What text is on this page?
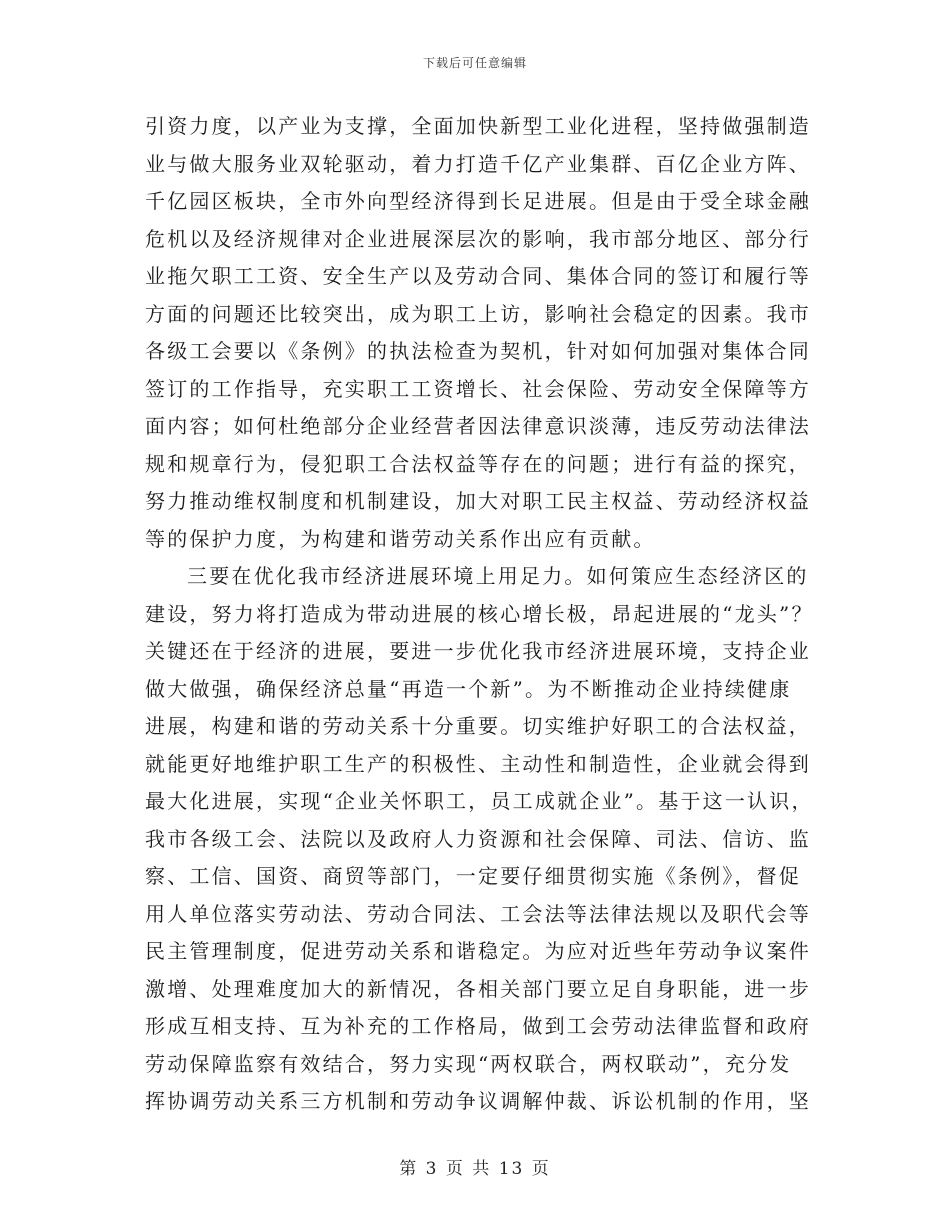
下载后可任意编辑
引资力度，以产业为支撑，全面加快新型工业化进程，坚持做强制造
业与做大服务业双轮驱动，着力打造千亿产业集群、百亿企业方阵、
千亿园区板块，全市外向型经济得到长足进展。但是由于受全球金融
危机以及经济规律对企业进展深层次的影响，我市部分地区、部分行
业拖欠职工工资、安全生产以及劳动合同、集体合同的签订和履行等
方面的问题还比较突出，成为职工上访，影响社会稳定的因素。我市
各级工会要以《条例》的执法检查为契机，针对如何加强对集体合同
签订的工作指导，充实职工工资增长、社会保险、劳动安全保障等方
面内容；如何杜绝部分企业经营者因法律意识淡薄，违反劳动法律法
规和规章行为，侵犯职工合法权益等存在的问题；进行有益的探究，
努力推动维权制度和机制建设，加大对职工民主权益、劳动经济权益
等的保护力度，为构建和谐劳动关系作出应有贡献。
三要在优化我市经济进展环境上用足力。如何策应生态经济区的
建设，努力将打造成为带动进展的核心增长极，昂起进展的“龙头”？
关键还在于经济的进展，要进一步优化我市经济进展环境，支持企业
做大做强，确保经济总量“再造一个新”。为不断推动企业持续健康
进展，构建和谐的劳动关系十分重要。切实维护好职工的合法权益，
就能更好地维护职工生产的积极性、主动性和制造性，企业就会得到
最大化进展，实现“企业关怀职工，员工成就企业”。基于这一认识，
我市各级工会、法院以及政府人力资源和社会保障、司法、信访、监
察、工信、国资、商贸等部门，一定要仔细贯彻实施《条例》，督促
用人单位落实劳动法、劳动合同法、工会法等法律法规以及职代会等
民主管理制度，促进劳动关系和谐稳定。为应对近些年劳动争议案件
激增、处理难度加大的新情况，各相关部门要立足自身职能，进一步
形成互相支持、互为补充的工作格局，做到工会劳动法律监督和政府
劳动保障监察有效结合，努力实现“两权联合，两权联动”，充分发
挥协调劳动关系三方机制和劳动争议调解仲裁、诉讼机制的作用，坚
第 3 页 共 13 页
